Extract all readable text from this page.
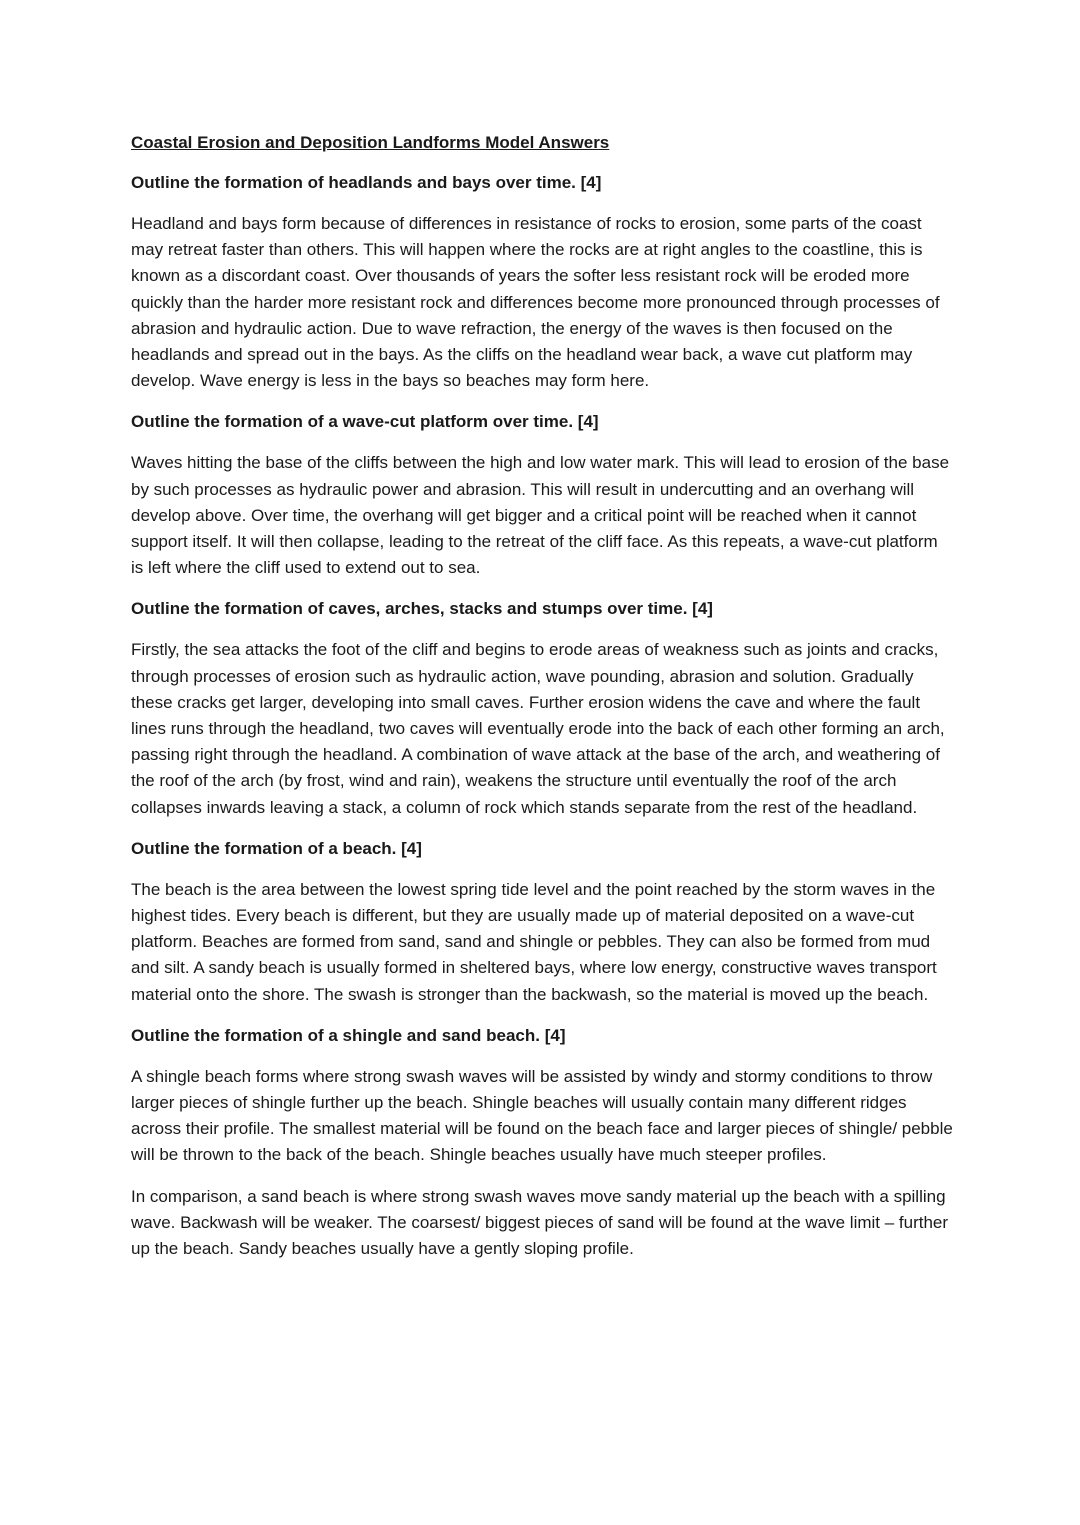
Coastal Erosion and Deposition Landforms Model Answers
Outline the formation of headlands and bays over time. [4]
Headland and bays form because of differences in resistance of rocks to erosion, some parts of the coast may retreat faster than others. This will happen where the rocks are at right angles to the coastline, this is known as a discordant coast. Over thousands of years the softer less resistant rock will be eroded more quickly than the harder more resistant rock and differences become more pronounced through processes of abrasion and hydraulic action. Due to wave refraction, the energy of the waves is then focused on the headlands and spread out in the bays. As the cliffs on the headland wear back, a wave cut platform may develop. Wave energy is less in the bays so beaches may form here.
Outline the formation of a wave-cut platform over time. [4]
Waves hitting the base of the cliffs between the high and low water mark. This will lead to erosion of the base by such processes as hydraulic power and abrasion. This will result in undercutting and an overhang will develop above. Over time, the overhang will get bigger and a critical point will be reached when it cannot support itself. It will then collapse, leading to the retreat of the cliff face. As this repeats, a wave-cut platform is left where the cliff used to extend out to sea.
Outline the formation of caves, arches, stacks and stumps over time. [4]
Firstly, the sea attacks the foot of the cliff and begins to erode areas of weakness such as joints and cracks, through processes of erosion such as hydraulic action, wave pounding, abrasion and solution. Gradually these cracks get larger, developing into small caves. Further erosion widens the cave and where the fault lines runs through the headland, two caves will eventually erode into the back of each other forming an arch, passing right through the headland. A combination of wave attack at the base of the arch, and weathering of the roof of the arch (by frost, wind and rain), weakens the structure until eventually the roof of the arch collapses inwards leaving a stack, a column of rock which stands separate from the rest of the headland.
Outline the formation of a beach. [4]
The beach is the area between the lowest spring tide level and the point reached by the storm waves in the highest tides. Every beach is different, but they are usually made up of material deposited on a wave-cut platform. Beaches are formed from sand, sand and shingle or pebbles. They can also be formed from mud and silt. A sandy beach is usually formed in sheltered bays, where low energy, constructive waves transport material onto the shore. The swash is stronger than the backwash, so the material is moved up the beach.
Outline the formation of a shingle and sand beach. [4]
A shingle beach forms where strong swash waves will be assisted by windy and stormy conditions to throw larger pieces of shingle further up the beach. Shingle beaches will usually contain many different ridges across their profile. The smallest material will be found on the beach face and larger pieces of shingle/ pebble will be thrown to the back of the beach. Shingle beaches usually have much steeper profiles.
In comparison, a sand beach is where strong swash waves move sandy material up the beach with a spilling wave. Backwash will be weaker. The coarsest/ biggest pieces of sand will be found at the wave limit – further up the beach. Sandy beaches usually have a gently sloping profile.
